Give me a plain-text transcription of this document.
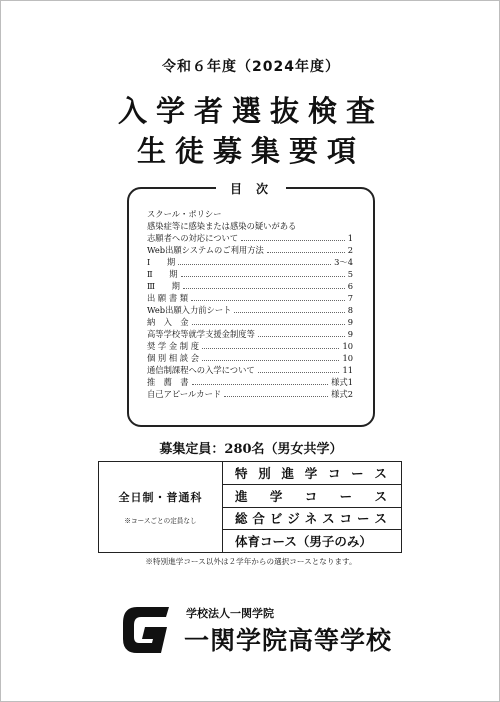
令和６年度（2024年度）
入学者選抜検査
生徒募集要項
目次
スクール・ポリシー
感染症等に感染または感染の疑いがある
志願者への対応について	1
Web出願システムのご利用方法	2
Ⅰ　　期	3～4
Ⅱ　　期	5
Ⅲ　　期	6
出 願 書 類	7
Web出願入力前シート	8
納　入　金	9
高等学校等就学支援金制度等	9
奨 学 金 制 度	10
個 別 相 談 会	10
通信制課程への入学について	11
推　薦　書	様式1
自己アピールカード	様式2
募集定員：280名（男女共学）
全日制・普通科
※コースごとの定員なし
特 別 進 学 コ ー ス
進 学 コ ー ス
総 合 ビ ジ ネ ス コ ー ス
体育コース（男子のみ）
※特別進学コース以外は２学年からの選択コースとなります。
学校法人一関学院
一関学院高等学校
